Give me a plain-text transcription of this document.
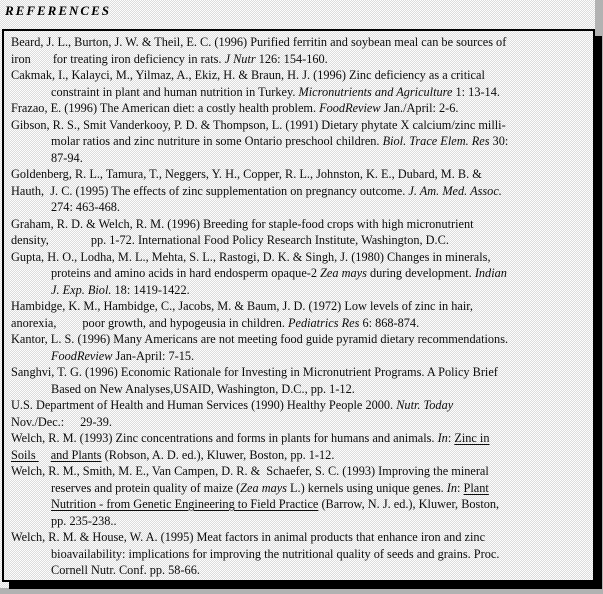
REFERENCES
Beard, J. L., Burton, J. W. & Theil, E. C. (1996) Purified ferritin and soybean meal can be sources of
iron for treating iron deficiency in rats. J Nutr 126: 154-160.
Cakmak, I., Kalayci, M., Yilmaz, A., Ekiz, H. & Braun, H. J. (1996) Zinc deficiency as a critical
constraint in plant and human nutrition in Turkey. Micronutrients and Agriculture 1: 13-14.
Frazao, E. (1996) The American diet: a costly health problem. FoodReview Jan./April: 2-6.
Gibson, R. S., Smit Vanderkooy, P. D. & Thompson, L. (1991) Dietary phytate X calcium/zinc milli-
molar ratios and zinc nutriture in some Ontario preschool children. Biol. Trace Elem. Res 30:
87-94.
Goldenberg, R. L., Tamura, T., Neggers, Y. H., Copper, R. L., Johnston, K. E., Dubard, M. B. &
Hauth,  J. C. (1995) The effects of zinc supplementation on pregnancy outcome. J. Am. Med. Assoc.
274: 463-468.
Graham, R. D. & Welch, R. M. (1996) Breeding for staple-food crops with high micronutrient
density,	pp. 1-72. International Food Policy Research Institute, Washington, D.C.
Gupta, H. O., Lodha, M. L., Mehta, S. L., Rastogi, D. K. & Singh, J. (1980) Changes in minerals,
proteins and amino acids in hard endosperm opaque-2 Zea mays during development. Indian
J. Exp. Biol. 18: 1419-1422.
Hambidge, K. M., Hambidge, C., Jacobs, M. & Baum, J. D. (1972) Low levels of zinc in hair,
anorexia, poor growth, and hypogeusia in children. Pediatrics Res 6: 868-874.
Kantor, L. S. (1996) Many Americans are not meeting food guide pyramid dietary recommendations.
FoodReview Jan-April: 7-15.
Sanghvi, T. G. (1996) Economic Rationale for Investing in Micronutrient Programs. A Policy Brief
Based on New Analyses,USAID, Washington, D.C., pp. 1-12.
U.S. Department of Health and Human Services (1990) Healthy People 2000. Nutr. Today
Nov./Dec.: 29-39.
Welch, R. M. (1993) Zinc concentrations and forms in plants for humans and animals. In: Zinc in
Soils and Plants (Robson, A. D. ed.), Kluwer, Boston, pp. 1-12.
Welch, R. M., Smith, M. E., Van Campen, D. R. &  Schaefer, S. C. (1993) Improving the mineral
reserves and protein quality of maize (Zea mays L.) kernels using unique genes. In: Plant
Nutrition - from Genetic Engineering to Field Practice (Barrow, N. J. ed.), Kluwer, Boston,
pp. 235-238..
Welch, R. M. & House, W. A. (1995) Meat factors in animal products that enhance iron and zinc
bioavailability: implications for improving the nutritional quality of seeds and grains. Proc.
Cornell Nutr. Conf. pp. 58-66.
